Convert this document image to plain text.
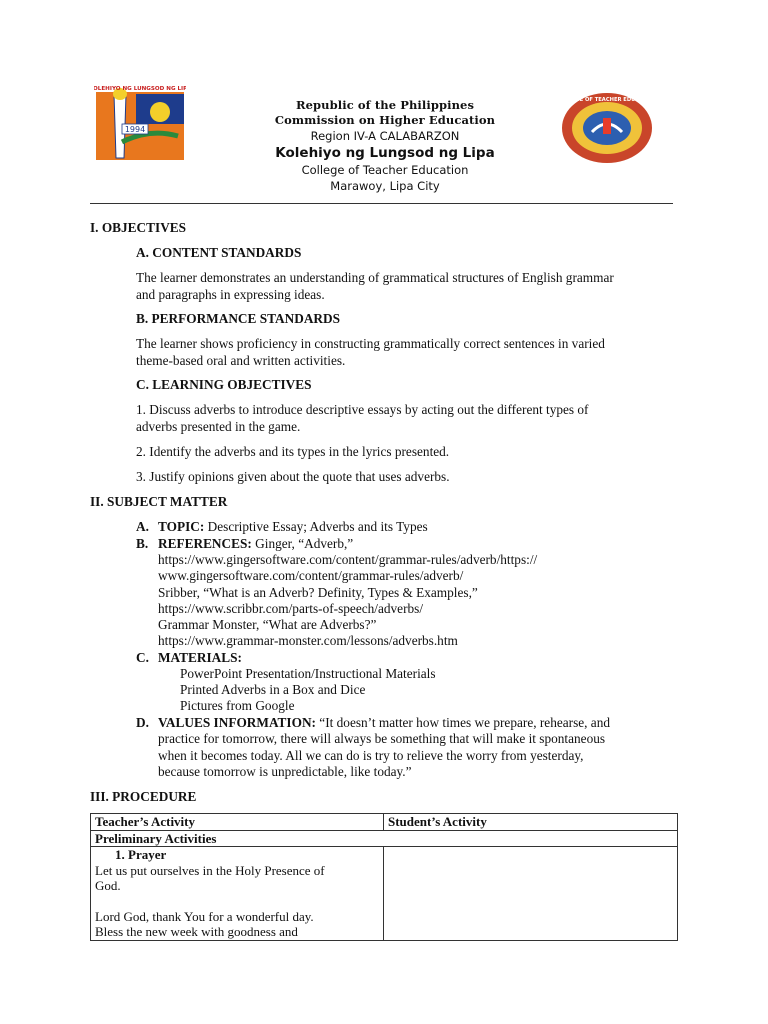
1994
KOLEHIYO NG LUNGSOD NG LIPA
Republic of the Philippines
Commission on Higher Education
Region IV-A CALABARZON
Kolehiyo ng Lungsod ng Lipa
College of Teacher Education
Marawoy, Lipa City
COLLEGE OF TEACHER EDUCATION
I. OBJECTIVES
A. CONTENT STANDARDS
The learner demonstrates an understanding of grammatical structures of English grammar
and paragraphs in expressing ideas.
B. PERFORMANCE STANDARDS
The learner shows proficiency in constructing grammatically correct sentences in varied
theme-based oral and written activities.
C. LEARNING OBJECTIVES
1. Discuss adverbs to introduce descriptive essays by acting out the different types of
adverbs presented in the game.
2. Identify the adverbs and its types in the lyrics presented.
3. Justify opinions given about the quote that uses adverbs.
II. SUBJECT MATTER
A. TOPIC: Descriptive Essay; Adverbs and its Types
B. REFERENCES: Ginger, “Adverb,”
https://www.gingersoftware.com/content/grammar-rules/adverb/https://
www.gingersoftware.com/content/grammar-rules/adverb/
Sribber, “What is an Adverb? Definity, Types & Examples,”
https://www.scribbr.com/parts-of-speech/adverbs/
Grammar Monster, “What are Adverbs?”
https://www.grammar-monster.com/lessons/adverbs.htm
C. MATERIALS:
PowerPoint Presentation/Instructional Materials
Printed Adverbs in a Box and Dice
Pictures from Google
D. VALUES INFORMATION: “It doesn’t matter how times we prepare, rehearse, and
practice for tomorrow, there will always be something that will make it spontaneous
when it becomes today. All we can do is try to relieve the worry from yesterday,
because tomorrow is unpredictable, like today.”
III. PROCEDURE
Teacher’s Activity	Student’s Activity
Preliminary Activities	

1. Prayer
Let us put ourselves in the Holy Presence of
God.
Lord God, thank You for a wonderful day.
Bless the new week with goodness and	
